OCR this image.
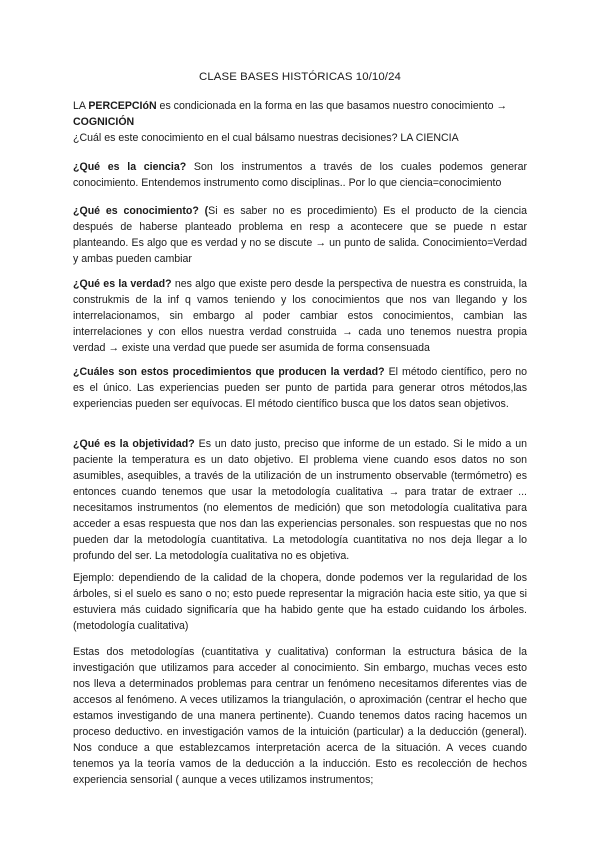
CLASE BASES HISTÓRICAS 10/10/24
LA PERCEPCIóN es condicionada en la forma en las que basamos nuestro conocimiento →
COGNICIÓN
¿Cuál es este conocimiento en el cual bálsamo nuestras decisiones? LA CIENCIA
¿Qué es la ciencia? Son los instrumentos a través de los cuales podemos generar conocimiento. Entendemos instrumento como disciplinas.. Por lo que ciencia=conocimiento
¿Qué es conocimiento? (Si es saber no es procedimiento) Es el producto de la ciencia después de haberse planteado problema en resp a acontecere que se puede n estar planteando. Es algo que es verdad y no se discute → un punto de salida. Conocimiento=Verdad y ambas pueden cambiar
¿Qué es la verdad? nes algo que existe pero desde la perspectiva de nuestra es construida, la construkmis de la inf q vamos teniendo y los conocimientos que nos van llegando y los interrelacionamos, sin embargo al poder cambiar estos conocimientos, cambian las interrelaciones y con ellos nuestra verdad construida → cada uno tenemos nuestra propia verdad → existe una verdad que puede ser asumida de forma consensuada
¿Cuáles son estos procedimientos que producen la verdad? El método científico, pero no es el único. Las experiencias pueden ser punto de partida para generar otros métodos,las experiencias pueden ser equívocas. El método científico busca que los datos sean objetivos.
¿Qué es la objetividad? Es un dato justo, preciso que informe de un estado. Si le mido a un paciente la temperatura es un dato objetivo. El problema viene cuando esos datos no son asumibles, asequibles, a través de la utilización de un instrumento observable (termómetro) es entonces cuando tenemos que usar la metodología cualitativa → para tratar de extraer ... necesitamos instrumentos (no elementos de medición) que son metodología cualitativa para acceder a esas respuesta que nos dan las experiencias personales. son respuestas que no nos pueden dar la metodología cuantitativa. La metodología cuantitativa no nos deja llegar a lo profundo del ser. La metodología cualitativa no es objetiva.
Ejemplo: dependiendo de la calidad de la chopera, donde podemos ver la regularidad de los árboles, si el suelo es sano o no; esto puede representar la migración hacia este sitio, ya que si estuviera más cuidado significaría que ha habido gente que ha estado cuidando los árboles. (metodología cualitativa)
Estas dos metodologías (cuantitativa y cualitativa) conforman la estructura básica de la investigación que utilizamos para acceder al conocimiento. Sin embargo, muchas veces esto nos lleva a determinados problemas para centrar un fenómeno necesitamos diferentes vias de accesos al fenómeno. A veces utilizamos la triangulación, o aproximación (centrar el hecho que estamos investigando de una manera pertinente). Cuando tenemos datos racing hacemos un proceso deductivo. en investigación vamos de la intuición (particular) a la deducción (general). Nos conduce a que establezcamos interpretación acerca de la situación. A veces cuando tenemos ya la teoría vamos de la deducción a la inducción. Esto es recolección de hechos experiencia sensorial ( aunque a veces utilizamos instrumentos;
